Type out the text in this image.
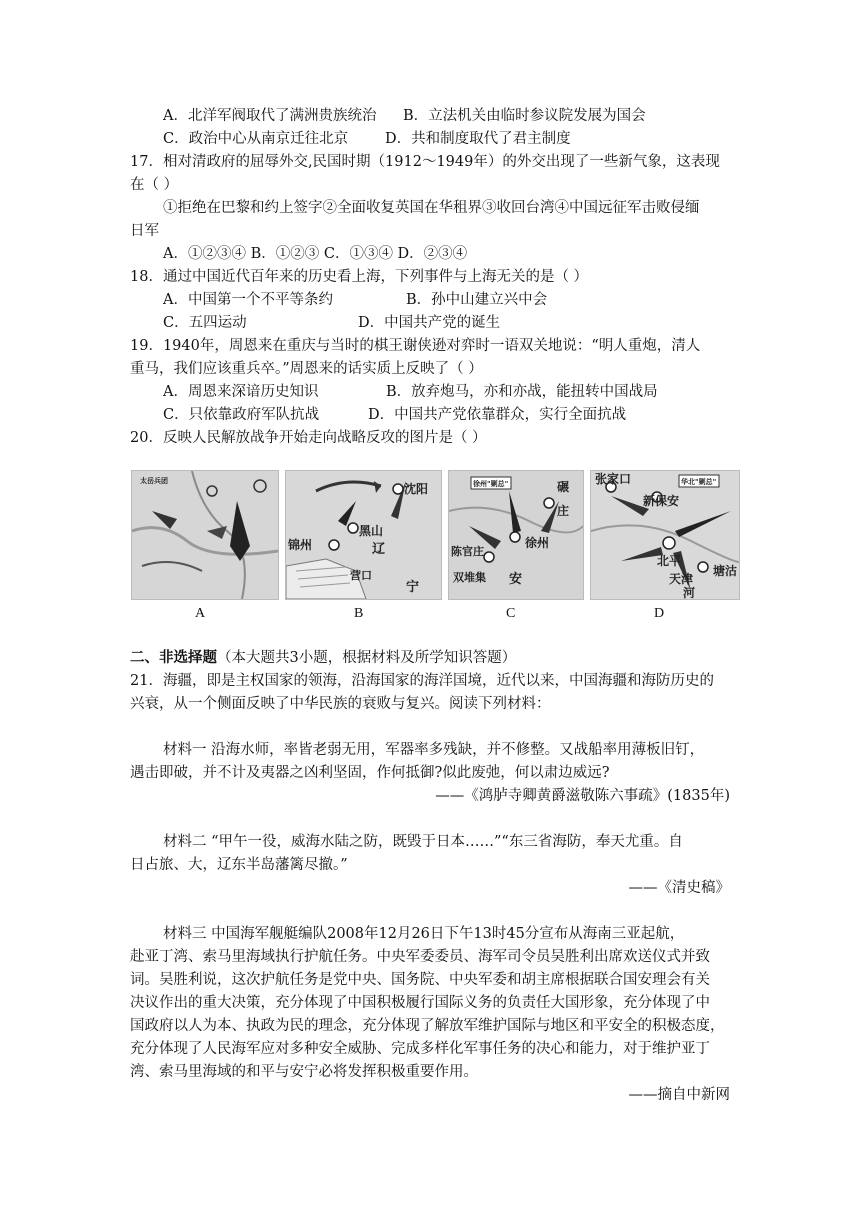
A．北洋军阀取代了满洲贵族统治 B．立法机关由临时参议院发展为国会
C．政治中心从南京迁往北京	D．共和制度取代了君主制度
17．相对清政府的屈辱外交,民国时期（1912～1949年）的外交出现了一些新气象，这表现
在（ ）
①拒绝在巴黎和约上签字②全面收复英国在华租界③收回台湾④中国远征军击败侵缅
日军
A．①②③④ B．①②③ C．①③④ D．②③④
18．通过中国近代百年来的历史看上海，下列事件与上海无关的是（ ）
A．中国第一个不平等条约	B．孙中山建立兴中会
C．五四运动	D．中国共产党的诞生
19．1940年，周恩来在重庆与当时的棋王谢侠逊对弈时一语双关地说：“明人重炮，清人
重马，我们应该重兵卒。”周恩来的话实质上反映了（ ）
A．周恩来深谙历史知识	B．放弃炮马，亦和亦战，能扭转中国战局
C．只依靠政府军队抗战	D．中国共产党依靠群众，实行全面抗战
20．反映人民解放战争开始走向战略反攻的图片是（ ）
太岳兵团
沈阳
锦州
黑山
辽
营口
宁
徐州"剿总"	碾
庄
徐州
陈官庄
双堆集 安
华北"剿总"
张家口
新保安
北平
天津
河
塘沽
A	B	C	D
二、非选择题（本大题共3小题，根据材料及所学知识答题）
21．海疆，即是主权国家的领海，沿海国家的海洋国境，近代以来，中国海疆和海防历史的
兴衰，从一个侧面反映了中华民族的衰败与复兴。阅读下列材料：
材料一 沿海水师，率皆老弱无用，军器率多残缺，并不修整。又战船率用薄板旧钉，
遇击即破，并不计及夷器之凶利坚固，作何抵御?似此废弛，何以肃边威远?
——《鸿胪寺卿黄爵滋敬陈六事疏》(1835年)
材料二 “甲午一役，威海水陆之防，既毁于日本……”“东三省海防，奉天尤重。自
日占旅、大，辽东半岛藩篱尽撤。”
——《清史稿》
材料三 中国海军舰艇编队2008年12月26日下午13时45分宣布从海南三亚起航，
赴亚丁湾、索马里海域执行护航任务。中央军委委员、海军司令员吴胜利出席欢送仪式并致
词。吴胜利说，这次护航任务是党中央、国务院、中央军委和胡主席根据联合国安理会有关
决议作出的重大决策，充分体现了中国积极履行国际义务的负责任大国形象，充分体现了中
国政府以人为本、执政为民的理念，充分体现了解放军维护国际与地区和平安全的积极态度，
充分体现了人民海军应对多种安全威胁、完成多样化军事任务的决心和能力，对于维护亚丁
湾、索马里海域的和平与安宁必将发挥积极重要作用。
——摘自中新网
